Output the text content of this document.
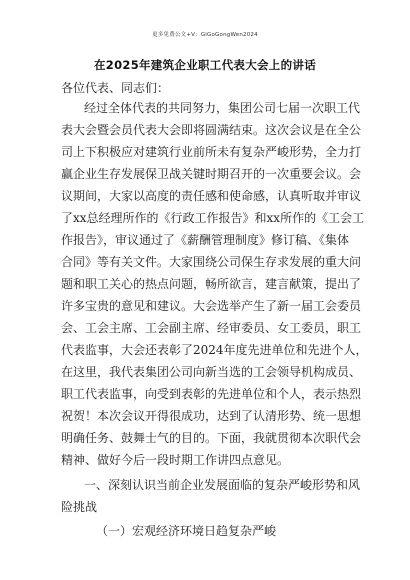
更多免费公文+V：GiGoGongWen2024
在2025年建筑企业职工代表大会上的讲话
各位代表、同志们：
经过全体代表的共同努力，集团公司七届一次职工代
表大会暨会员代表大会即将圆满结束。这次会议是在全公
司上下积极应对建筑行业前所未有复杂严峻形势，全力打
赢企业生存发展保卫战关键时期召开的一次重要会议。会
议期间，大家以高度的责任感和使命感，认真听取并审议
了xx总经理所作的《行政工作报告》和xx所作的《工会工
作报告》，审议通过了《薪酬管理制度》修订稿、《集体
合同》等有关文件。大家围绕公司保生存求发展的重大问
题和职工关心的热点问题，畅所欲言，建言献策，提出了
许多宝贵的意见和建议。大会选举产生了新一届工会委员
会、工会主席、工会副主席、经审委员、女工委员，职工
代表监事，大会还表彰了2024年度先进单位和先进个人，
在这里，我代表集团公司向新当选的工会领导机构成员、
职工代表监事，向受到表彰的先进单位和个人，表示热烈
祝贺！本次会议开得很成功，达到了认清形势、统一思想
明确任务、鼓舞士气的目的。下面，我就贯彻本次职代会
精神、做好今后一段时期工作讲四点意见。
一、深刻认识当前企业发展面临的复杂严峻形势和风
险挑战
（一）宏观经济环境日趋复杂严峻
